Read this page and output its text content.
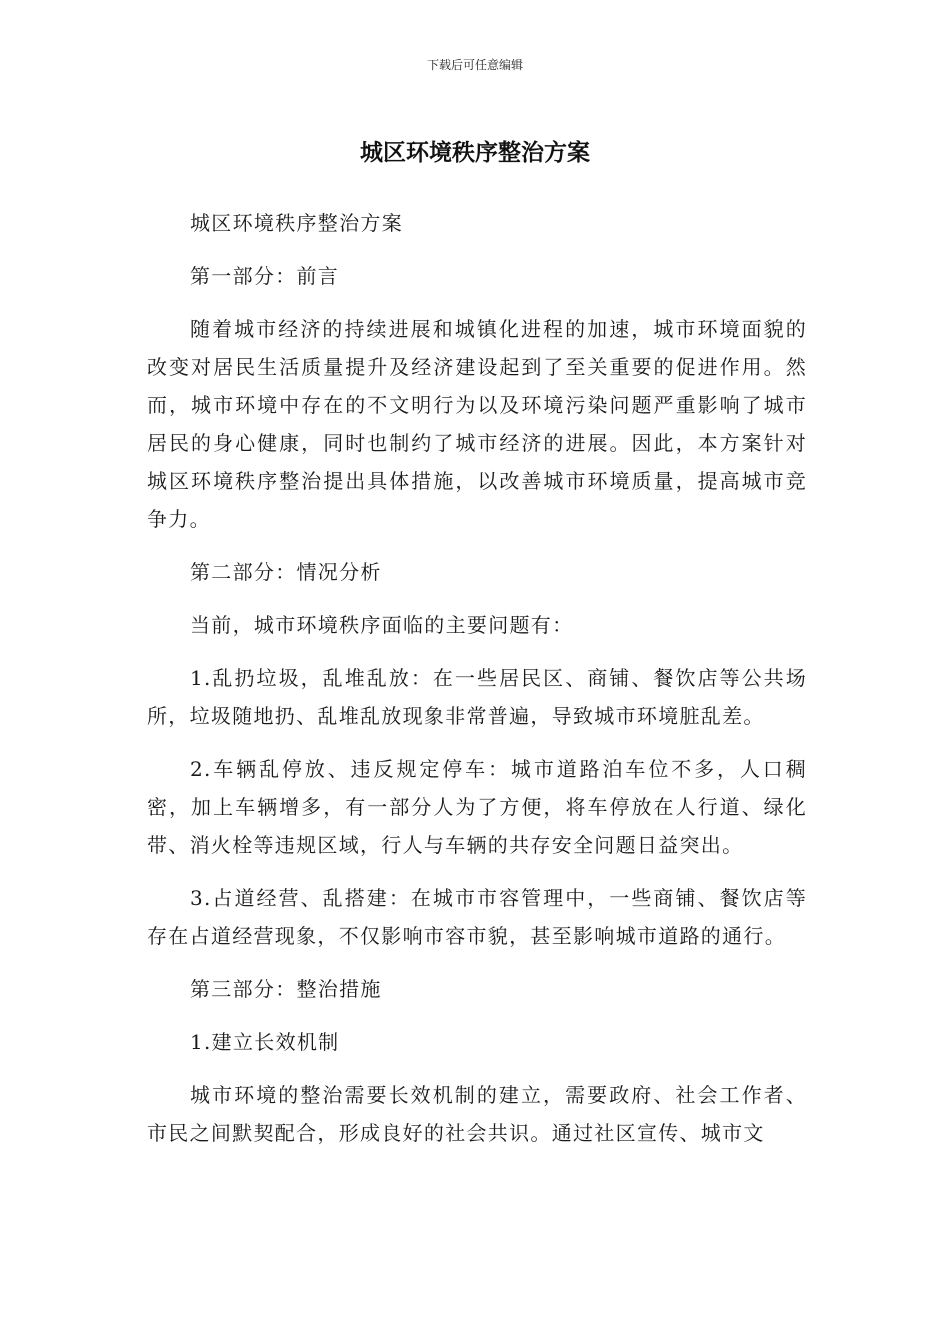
下载后可任意编辑
城区环境秩序整治方案

城区环境秩序整治方案

第一部分：前言

随着城市经济的持续进展和城镇化进程的加速，城市环境面貌的改变对居民生活质量提升及经济建设起到了至关重要的促进作用。然而，城市环境中存在的不文明行为以及环境污染问题严重影响了城市居民的身心健康，同时也制约了城市经济的进展。因此，本方案针对城区环境秩序整治提出具体措施，以改善城市环境质量，提高城市竞争力。

第二部分：情况分析

当前，城市环境秩序面临的主要问题有：

1.乱扔垃圾，乱堆乱放：在一些居民区、商铺、餐饮店等公共场所，垃圾随地扔、乱堆乱放现象非常普遍，导致城市环境脏乱差。

2.车辆乱停放、违反规定停车：城市道路泊车位不多，人口稠密，加上车辆增多，有一部分人为了方便，将车停放在人行道、绿化带、消火栓等违规区域，行人与车辆的共存安全问题日益突出。

3.占道经营、乱搭建：在城市市容管理中，一些商铺、餐饮店等存在占道经营现象，不仅影响市容市貌，甚至影响城市道路的通行。

第三部分：整治措施

1.建立长效机制

城市环境的整治需要长效机制的建立，需要政府、社会工作者、市民之间默契配合，形成良好的社会共识。通过社区宣传、城市文
